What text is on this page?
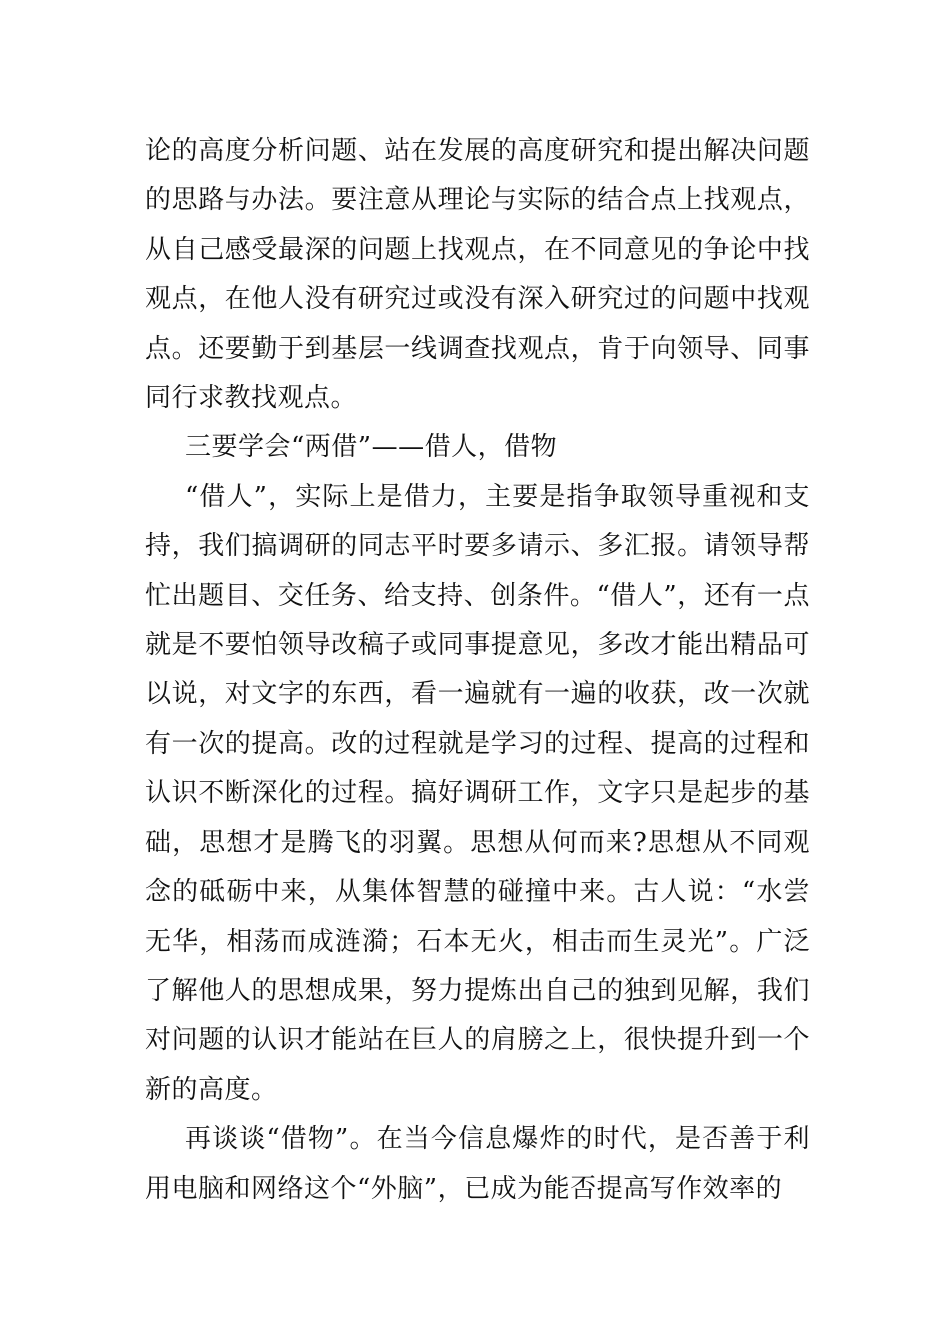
论的高度分析问题、站在发展的高度研究和提出解决问题的思路与办法。要注意从理论与实际的结合点上找观点，从自己感受最深的问题上找观点，在不同意见的争论中找观点，在他人没有研究过或没有深入研究过的问题中找观点。还要勤于到基层一线调查找观点，肯于向领导、同事同行求教找观点。

三要学会“两借”——借人，借物

“借人”，实际上是借力，主要是指争取领导重视和支持，我们搞调研的同志平时要多请示、多汇报。请领导帮忙出题目、交任务、给支持、创条件。“借人”，还有一点就是不要怕领导改稿子或同事提意见，多改才能出精品可以说，对文字的东西，看一遍就有一遍的收获，改一次就有一次的提高。改的过程就是学习的过程、提高的过程和认识不断深化的过程。搞好调研工作，文字只是起步的基础，思想才是腾飞的羽翼。思想从何而来?思想从不同观念的砥砺中来，从集体智慧的碰撞中来。古人说：“水尝无华，相荡而成涟漪；石本无火，相击而生灵光”。广泛了解他人的思想成果，努力提炼出自己的独到见解，我们对问题的认识才能站在巨人的肩膀之上，很快提升到一个新的高度。

再谈谈“借物”。在当今信息爆炸的时代，是否善于利用电脑和网络这个“外脑”，已成为能否提高写作效率的
